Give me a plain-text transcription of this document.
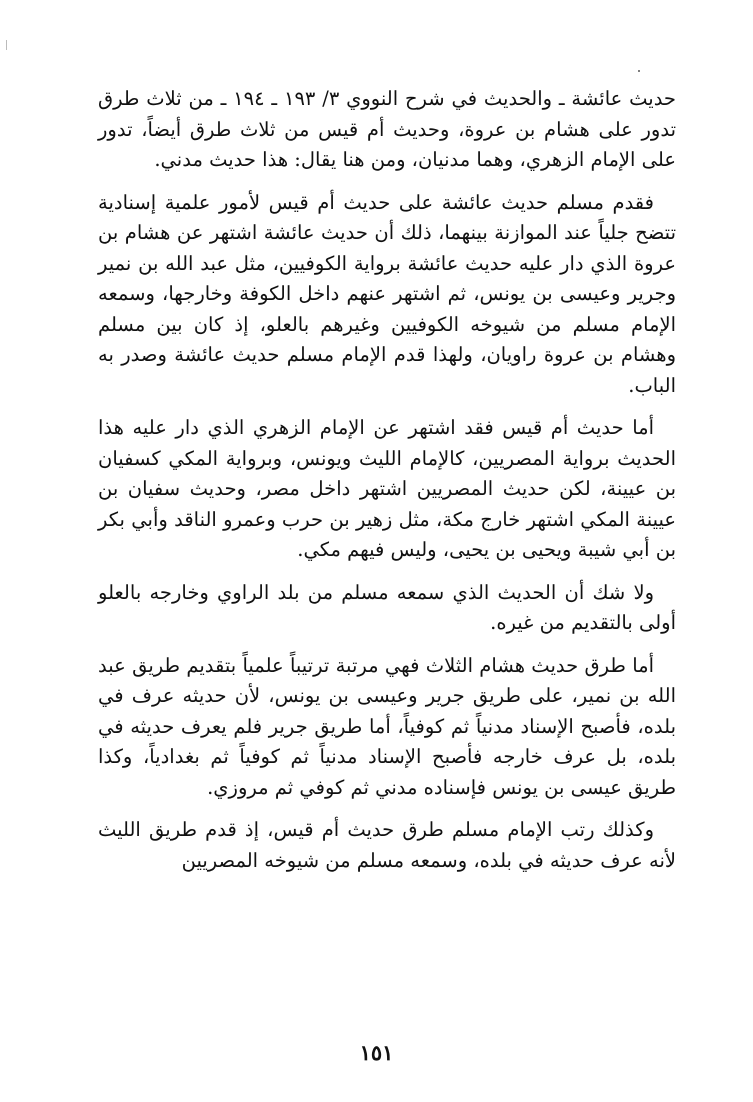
حديث عائشة ـ والحديث في شرح النووي ٣/ ١٩٣ ـ ١٩٤ ـ من ثلاث طرق تدور على هشام بن عروة، وحديث أم قيس من ثلاث طرق أيضاً، تدور على الإمام الزهري، وهما مدنيان، ومن هنا يقال: هذا حديث مدني.

فقدم مسلم حديث عائشة على حديث أم قيس لأمور علمية إسنادية تتضح جلياً عند الموازنة بينهما، ذلك أن حديث عائشة اشتهر عن هشام بن عروة الذي دار عليه حديث عائشة برواية الكوفيين، مثل عبد الله بن نمير وجرير وعيسى بن يونس، ثم اشتهر عنهم داخل الكوفة وخارجها، وسمعه الإمام مسلم من شيوخه الكوفيين وغيرهم بالعلو، إذ كان بين مسلم وهشام بن عروة راويان، ولهذا قدم الإمام مسلم حديث عائشة وصدر به الباب.

أما حديث أم قيس فقد اشتهر عن الإمام الزهري الذي دار عليه هذا الحديث برواية المصريين، كالإمام الليث ويونس، وبرواية المكي كسفيان بن عيينة، لكن حديث المصريين اشتهر داخل مصر، وحديث سفيان بن عيينة المكي اشتهر خارج مكة، مثل زهير بن حرب وعمرو الناقد وأبي بكر بن أبي شيبة ويحيى بن يحيى، وليس فيهم مكي.

ولا شك أن الحديث الذي سمعه مسلم من بلد الراوي وخارجه بالعلو أولى بالتقديم من غيره.

أما طرق حديث هشام الثلاث فهي مرتبة ترتيباً علمياً بتقديم طريق عبد الله بن نمير، على طريق جرير وعيسى بن يونس، لأن حديثه عرف في بلده، فأصبح الإسناد مدنياً ثم كوفياً، أما طريق جرير فلم يعرف حديثه في بلده، بل عرف خارجه فأصبح الإسناد مدنياً ثم كوفياً ثم بغدادياً، وكذا طريق عيسى بن يونس فإسناده مدني ثم كوفي ثم مروزي.

وكذلك رتب الإمام مسلم طرق حديث أم قيس، إذ قدم طريق الليث لأنه عرف حديثه في بلده، وسمعه مسلم من شيوخه المصريين

١٥١
